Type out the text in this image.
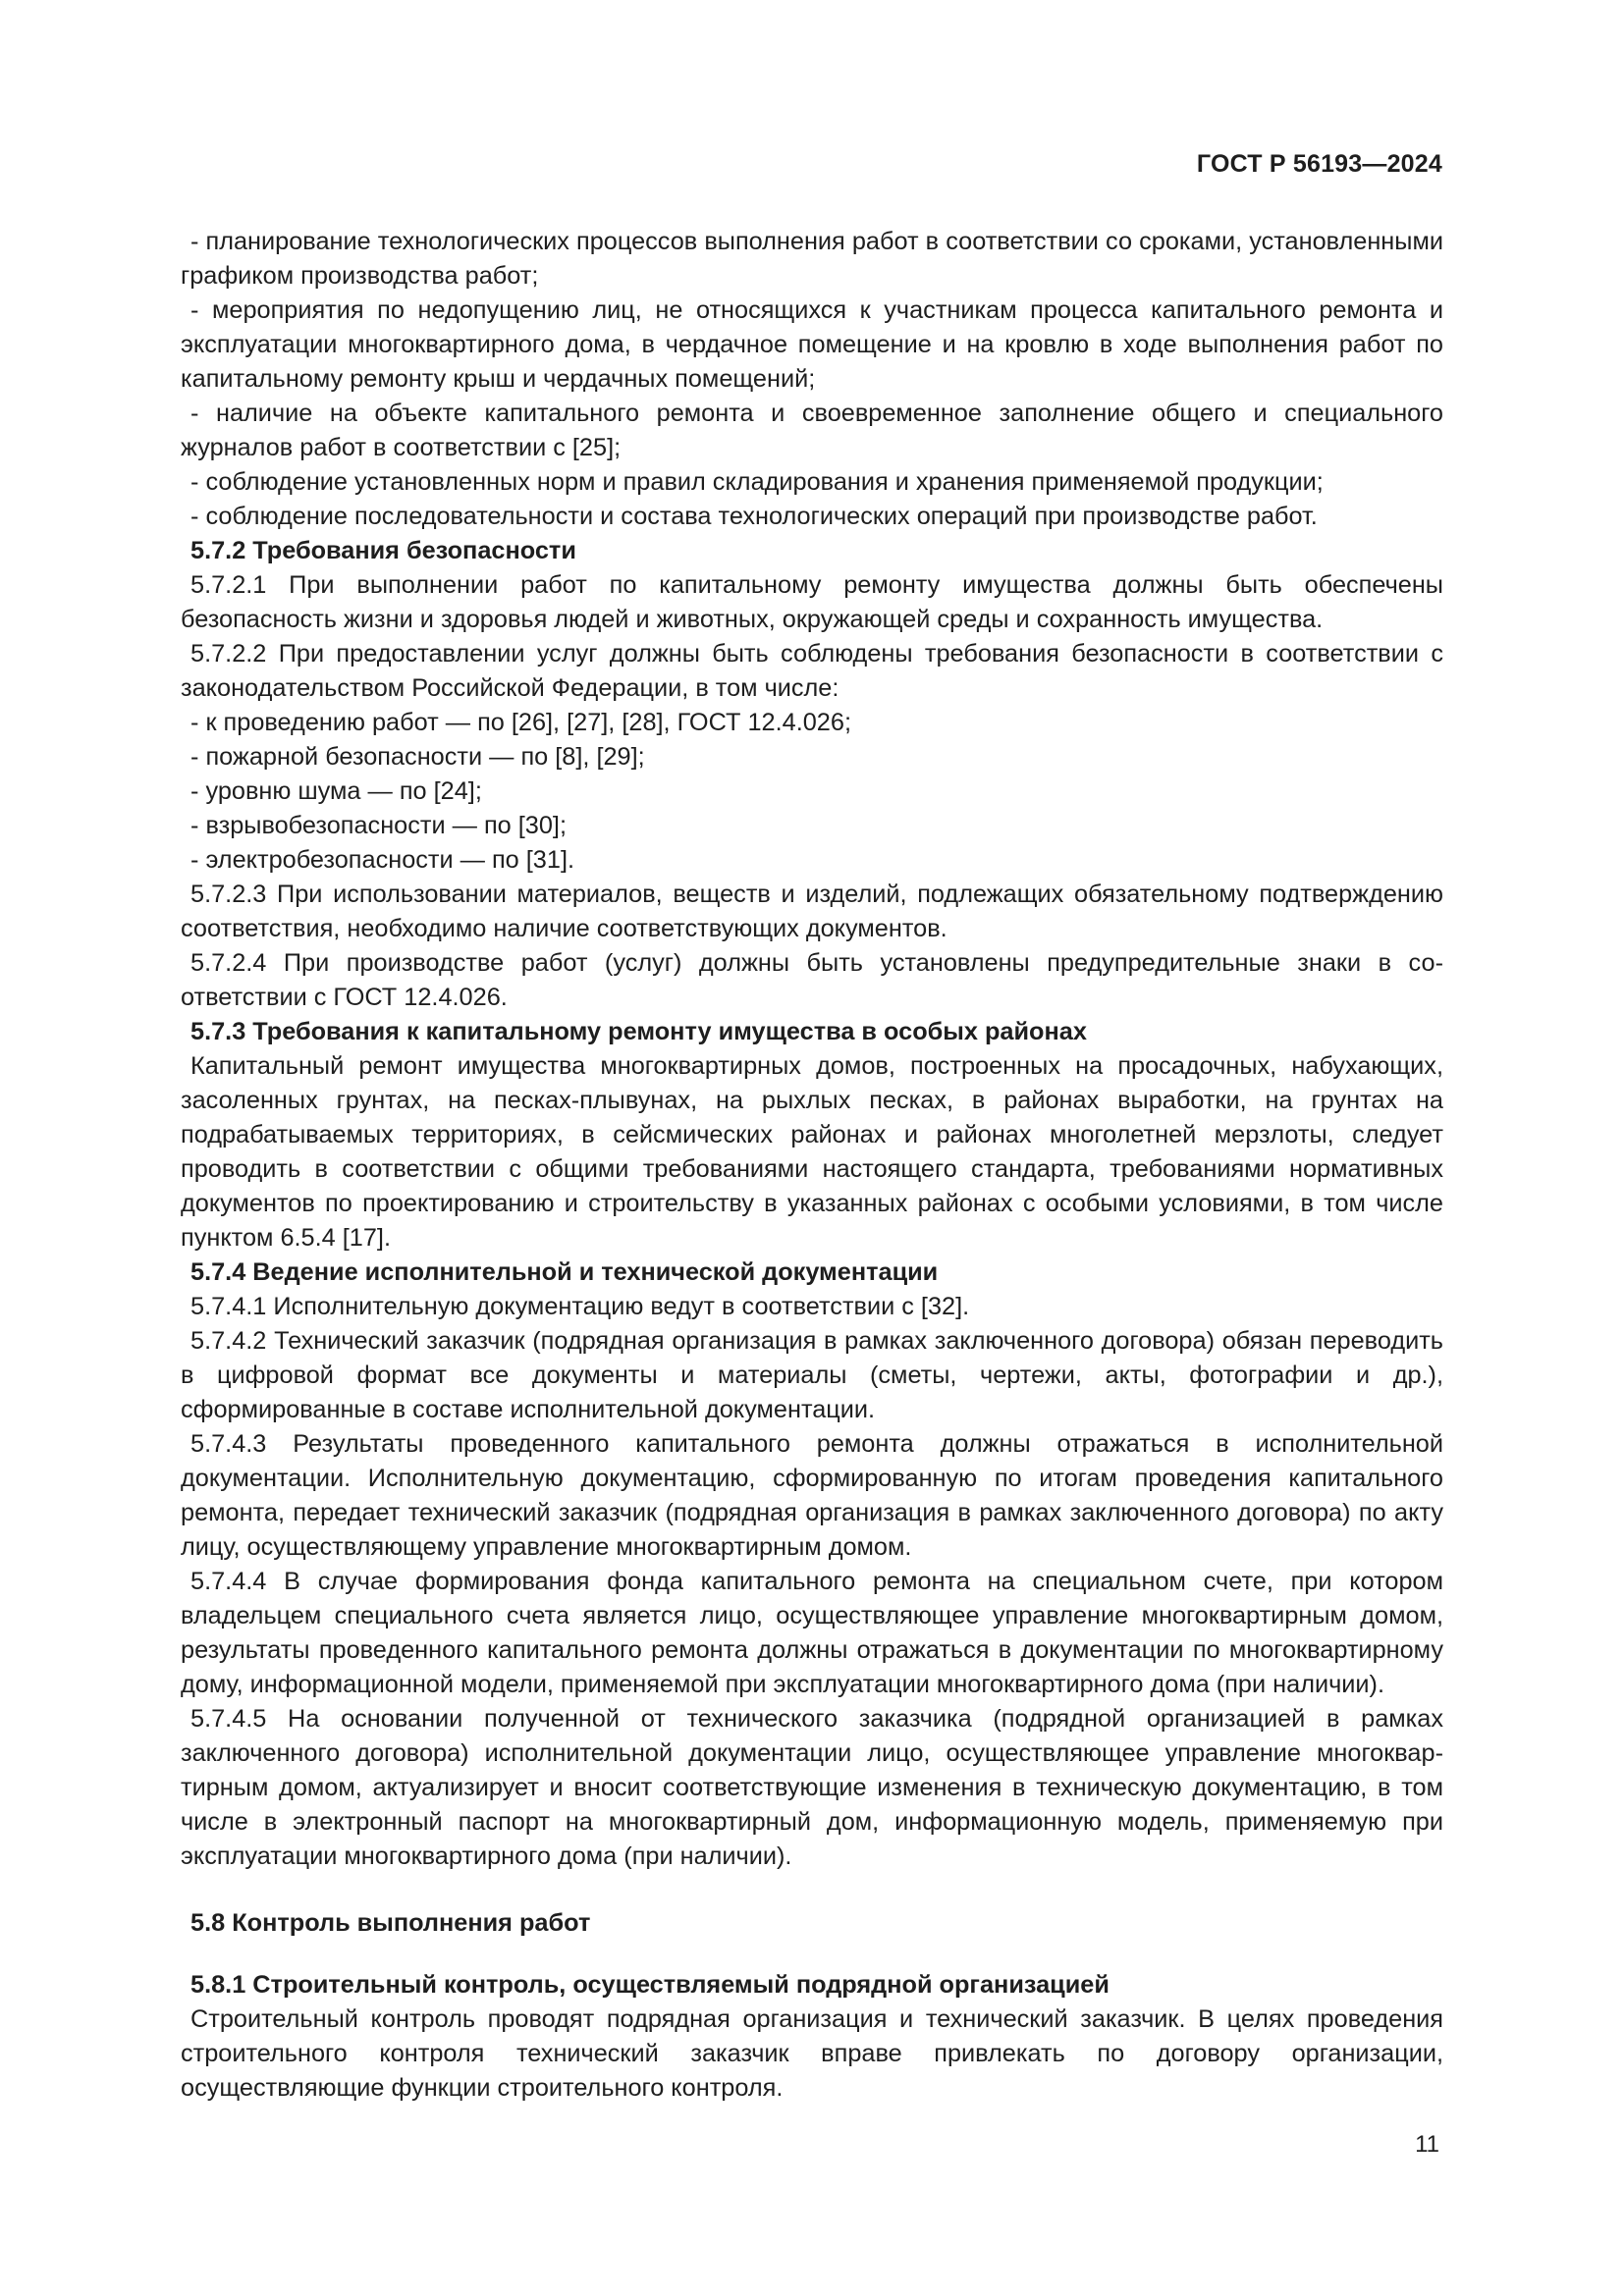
ГОСТ Р 56193—2024
- планирование технологических процессов выполнения работ в соответствии со сроками, установленными графиком производства работ;
- мероприятия по недопущению лиц, не относящихся к участникам процесса капитального ремонта и эксплуатации многоквартирного дома, в чердачное помещение и на кровлю в ходе выполнения работ по капитальному ремонту крыш и чердачных помещений;
- наличие на объекте капитального ремонта и своевременное заполнение общего и специального журналов работ в соответствии с [25];
- соблюдение установленных норм и правил складирования и хранения применяемой продукции;
- соблюдение последовательности и состава технологических операций при производстве работ.
5.7.2 Требования безопасности
5.7.2.1 При выполнении работ по капитальному ремонту имущества должны быть обеспечены безопасность жизни и здоровья людей и животных, окружающей среды и сохранность имущества.
5.7.2.2 При предоставлении услуг должны быть соблюдены требования безопасности в соответствии с законодательством Российской Федерации, в том числе:
- к проведению работ — по [26], [27], [28], ГОСТ 12.4.026;
- пожарной безопасности — по [8], [29];
- уровню шума — по [24];
- взрывобезопасности — по [30];
- электробезопасности — по [31].
5.7.2.3 При использовании материалов, веществ и изделий, подлежащих обязательному подтверждению соответствия, необходимо наличие соответствующих документов.
5.7.2.4 При производстве работ (услуг) должны быть установлены предупредительные знаки в соответствии с ГОСТ 12.4.026.
5.7.3 Требования к капитальному ремонту имущества в особых районах
Капитальный ремонт имущества многоквартирных домов, построенных на просадочных, набухающих, засоленных грунтах, на песках-плывунах, на рыхлых песках, в районах выработки, на грунтах на подрабатываемых территориях, в сейсмических районах и районах многолетней мерзлоты, следует проводить в соответствии с общими требованиями настоящего стандарта, требованиями нормативных документов по проектированию и строительству в указанных районах с особыми условиями, в том числе пунктом 6.5.4 [17].
5.7.4 Ведение исполнительной и технической документации
5.7.4.1 Исполнительную документацию ведут в соответствии с [32].
5.7.4.2 Технический заказчик (подрядная организация в рамках заключенного договора) обязан переводить в цифровой формат все документы и материалы (сметы, чертежи, акты, фотографии и др.), сформированные в составе исполнительной документации.
5.7.4.3 Результаты проведенного капитального ремонта должны отражаться в исполнительной документации. Исполнительную документацию, сформированную по итогам проведения капитального ремонта, передает технический заказчик (подрядная организация в рамках заключенного договора) по акту лицу, осуществляющему управление многоквартирным домом.
5.7.4.4 В случае формирования фонда капитального ремонта на специальном счете, при котором владельцем специального счета является лицо, осуществляющее управление многоквартирным домом, результаты проведенного капитального ремонта должны отражаться в документации по многоквартирному дому, информационной модели, применяемой при эксплуатации многоквартирного дома (при наличии).
5.7.4.5 На основании полученной от технического заказчика (подрядной организацией в рамках заключенного договора) исполнительной документации лицо, осуществляющее управление многоквартирным домом, актуализирует и вносит соответствующие изменения в техническую документацию, в том числе в электронный паспорт на многоквартирный дом, информационную модель, применяемую при эксплуатации многоквартирного дома (при наличии).
5.8 Контроль выполнения работ
5.8.1 Строительный контроль, осуществляемый подрядной организацией
Строительный контроль проводят подрядная организация и технический заказчик. В целях проведения строительного контроля технический заказчик вправе привлекать по договору организации, осуществляющие функции строительного контроля.
11
